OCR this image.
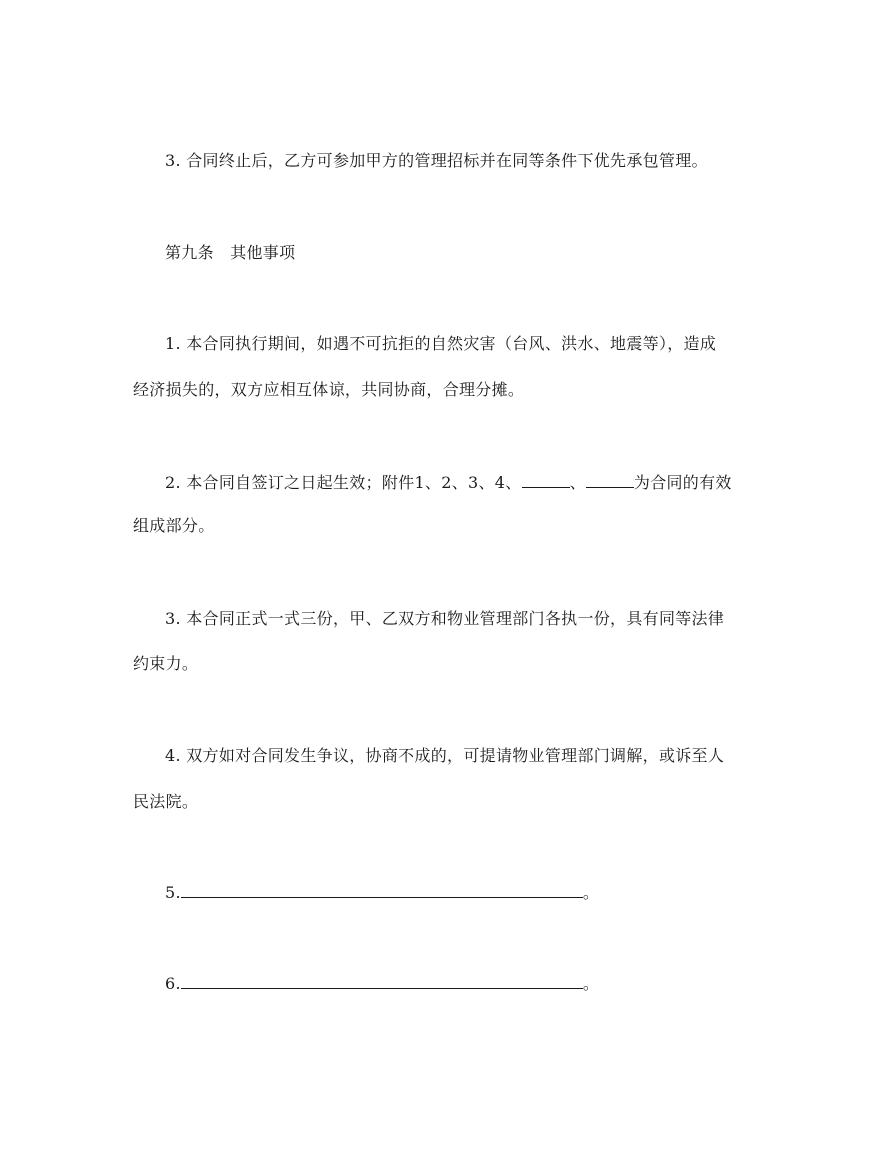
3. 合同终止后，乙方可参加甲方的管理招标并在同等条件下优先承包管理。
第九条　其他事项
1. 本合同执行期间，如遇不可抗拒的自然灾害（台风、洪水、地震等），造成
经济损失的，双方应相互体谅，共同协商，合理分摊。
2. 本合同自签订之日起生效；附件1、2、3、4、	、	为合同的有效
组成部分。
3. 本合同正式一式三份，甲、乙双方和物业管理部门各执一份，具有同等法律
约束力。
4. 双方如对合同发生争议，协商不成的，可提请物业管理部门调解，或诉至人
民法院。
5.	。
6.	。
